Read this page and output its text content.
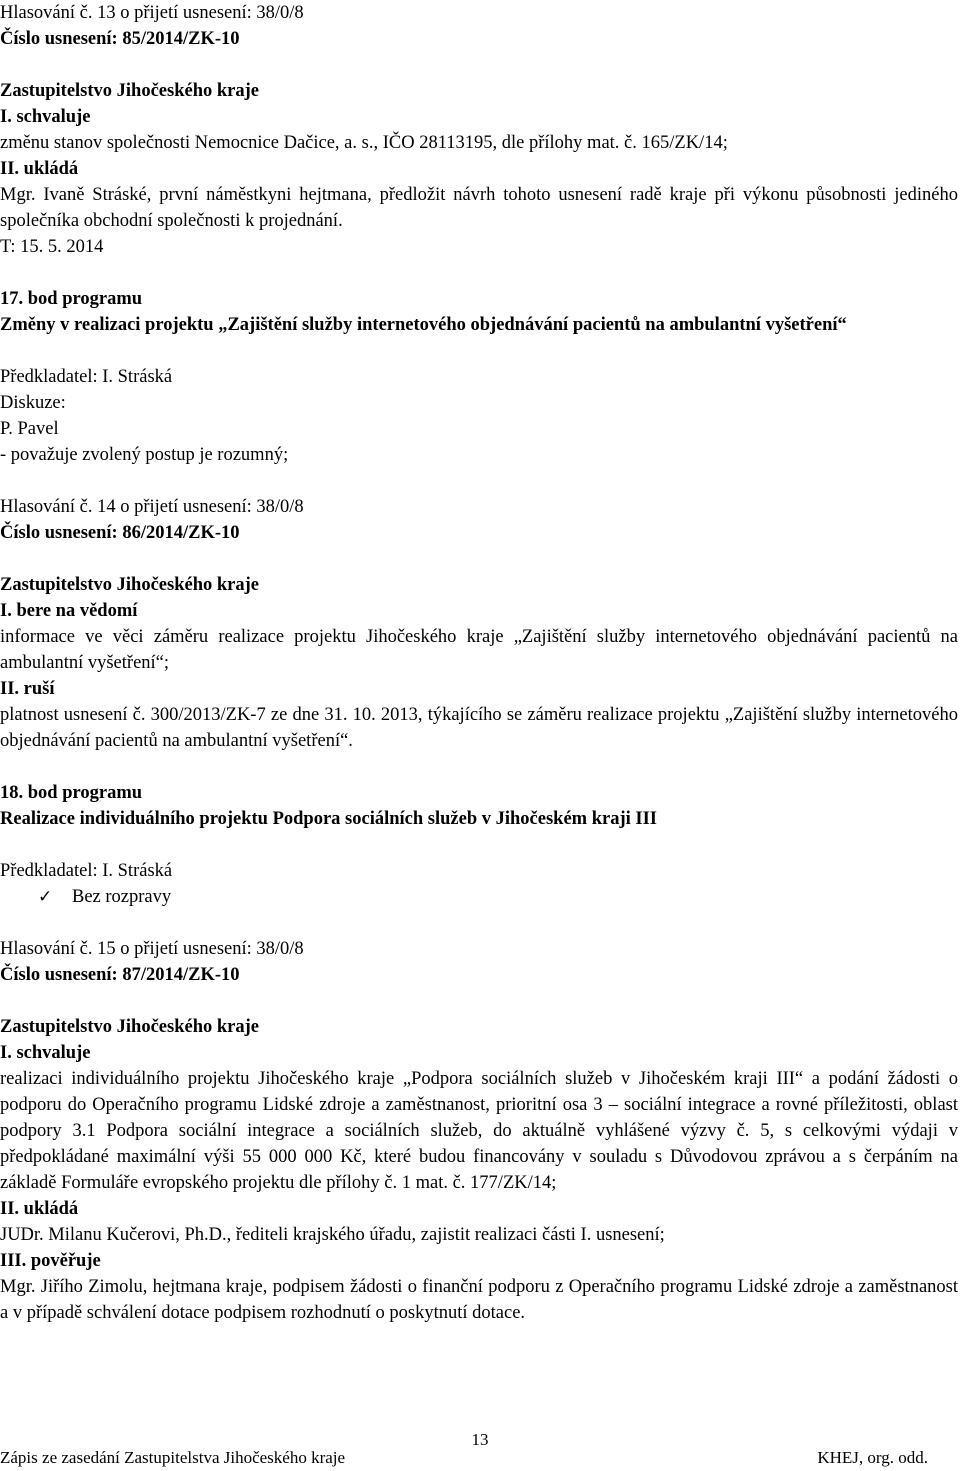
Hlasování č. 13 o přijetí usnesení: 38/0/8
Číslo usnesení: 85/2014/ZK-10
Zastupitelstvo Jihočeského kraje
I. schvaluje
změnu stanov společnosti Nemocnice Dačice, a. s., IČO 28113195, dle přílohy mat. č. 165/ZK/14;
II. ukládá
Mgr. Ivaně Stráské, první náměstkyni hejtmana, předložit návrh tohoto usnesení radě kraje při výkonu působnosti jediného společníka obchodní společnosti k projednání.
T: 15. 5. 2014
17. bod programu
Změny v realizaci projektu „Zajištění služby internetového objednávání pacientů na ambulantní vyšetření“
Předkladatel: I. Stráská
Diskuze:
P. Pavel
- považuje zvolený postup je rozumný;
Hlasování č. 14 o přijetí usnesení: 38/0/8
Číslo usnesení: 86/2014/ZK-10
Zastupitelstvo Jihočeského kraje
I. bere na vědomí
informace ve věci záměru realizace projektu Jihočeského kraje „Zajištění služby internetového objednávání pacientů na ambulantní vyšetření“;
II. ruší
platnost usnesení č. 300/2013/ZK-7 ze dne 31. 10. 2013, týkajícího se záměru realizace projektu „Zajištění služby internetového objednávání pacientů na ambulantní vyšetření“.
18. bod programu
Realizace individuálního projektu Podpora sociálních služeb v Jihočeském kraji III
Předkladatel: I. Stráská
✓ Bez rozpravy
Hlasování č. 15 o přijetí usnesení: 38/0/8
Číslo usnesení: 87/2014/ZK-10
Zastupitelstvo Jihočeského kraje
I. schvaluje
realizaci individuálního projektu Jihočeského kraje „Podpora sociálních služeb v Jihočeském kraji III“ a podání žádosti o podporu do Operačního programu Lidské zdroje a zaměstnanost, prioritní osa 3 – sociální integrace a rovné příležitosti, oblast podpory 3.1 Podpora sociální integrace a sociálních služeb, do aktuálně vyhlášené výzvy č. 5, s celkovými výdaji v předpokládané maximální výši 55 000 000 Kč, které budou financovány v souladu s Důvodovou zprávou a s čerpáním na základě Formuláře evropského projektu dle přílohy č. 1 mat. č. 177/ZK/14;
II. ukládá
JUDr. Milanu Kučerovi, Ph.D., řediteli krajského úřadu, zajistit realizaci části I. usnesení;
III. pověřuje
Mgr. Jiřího Zimolu, hejtmana kraje, podpisem žádosti o finanční podporu z Operačního programu Lidské zdroje a zaměstnanost a v případě schválení dotace podpisem rozhodnutí o poskytnutí dotace.
13
Zápis ze zasedání Zastupitelstva Jihočeského kraje	KHEJ, org. odd.
